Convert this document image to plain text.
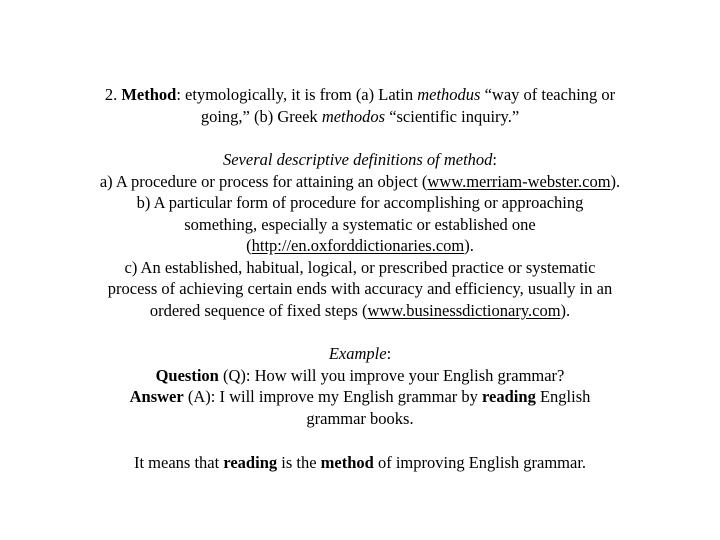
2. Method: etymologically, it is from (a) Latin methodus “way of teaching or
going,” (b) Greek methodos “scientific inquiry.”
Several descriptive definitions of method:
a) A procedure or process for attaining an object (www.merriam-webster.com).
b) A particular form of procedure for accomplishing or approaching
something, especially a systematic or established one
(http://en.oxforddictionaries.com).
c) An established, habitual, logical, or prescribed practice or systematic
process of achieving certain ends with accuracy and efficiency, usually in an
ordered sequence of fixed steps (www.businessdictionary.com).
Example:
Question (Q): How will you improve your English grammar?
Answer (A): I will improve my English grammar by reading English
grammar books.
It means that reading is the method of improving English grammar.
